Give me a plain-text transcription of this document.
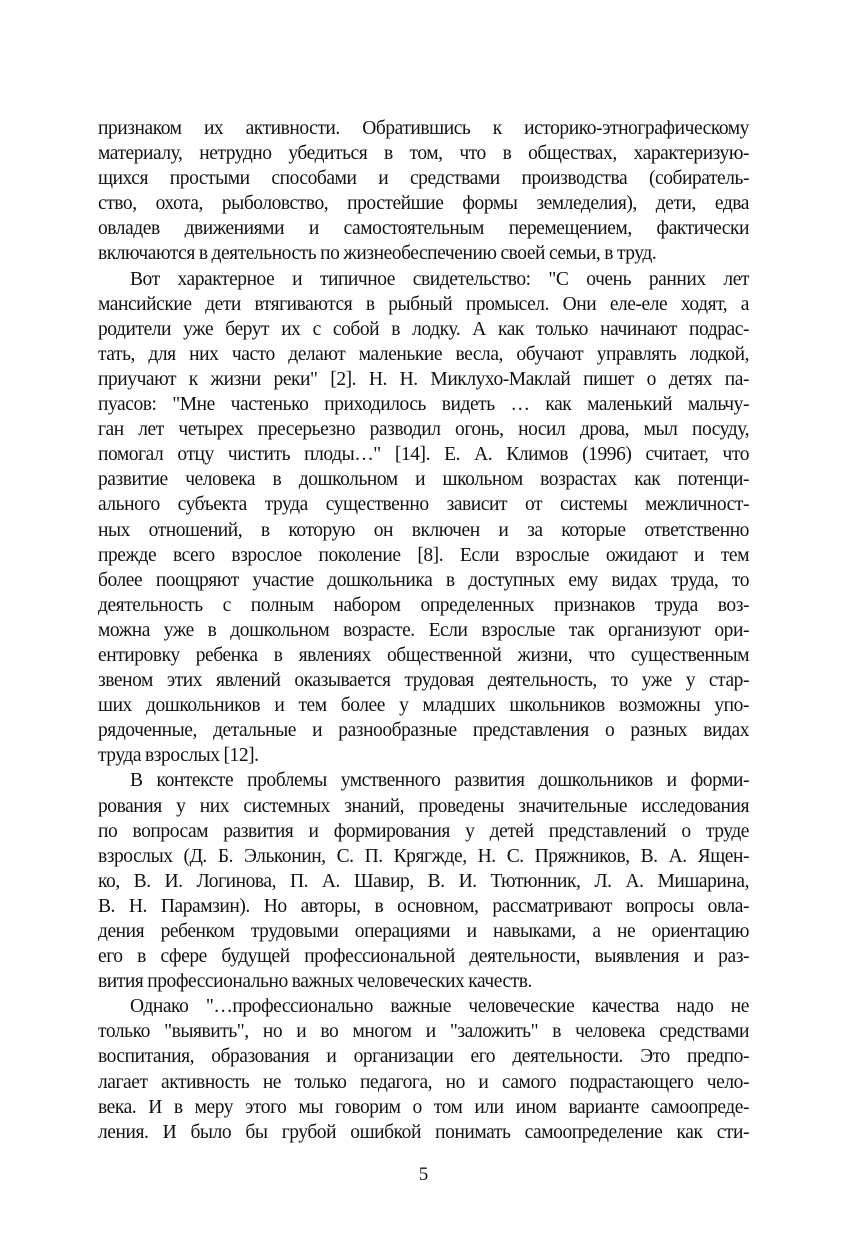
признаком их активности. Обратившись к историко-этнографическому
материалу, нетрудно убедиться в том, что в обществах, характеризую-
щихся простыми способами и средствами производства (собиратель-
ство, охота, рыболовство, простейшие формы земледелия), дети, едва
овладев движениями и самостоятельным перемещением, фактически
включаются в деятельность по жизнеобеспечению своей семьи, в труд.
Вот характерное и типичное свидетельство: "С очень ранних лет
мансийские дети втягиваются в рыбный промысел. Они еле-еле ходят, а
родители уже берут их с собой в лодку. А как только начинают подрас-
тать, для них часто делают маленькие весла, обучают управлять лодкой,
приучают к жизни реки" [2]. Н. Н. Миклухо-Маклай пишет о детях па-
пуасов: "Мне частенько приходилось видеть … как маленький мальчу-
ган лет четырех пресерьезно разводил огонь, носил дрова, мыл посуду,
помогал отцу чистить плоды…" [14]. Е. А. Климов (1996) считает, что
развитие человека в дошкольном и школьном возрастах как потенци-
ального субъекта труда существенно зависит от системы межличност-
ных отношений, в которую он включен и за которые ответственно
прежде всего взрослое поколение [8]. Если взрослые ожидают и тем
более поощряют участие дошкольника в доступных ему видах труда, то
деятельность с полным набором определенных признаков труда воз-
можна уже в дошкольном возрасте. Если взрослые так организуют ори-
ентировку ребенка в явлениях общественной жизни, что существенным
звеном этих явлений оказывается трудовая деятельность, то уже у стар-
ших дошкольников и тем более у младших школьников возможны упо-
рядоченные, детальные и разнообразные представления о разных видах
труда взрослых [12].
В контексте проблемы умственного развития дошкольников и форми-
рования у них системных знаний, проведены значительные исследования
по вопросам развития и формирования у детей представлений о труде
взрослых (Д. Б. Эльконин, С. П. Крягжде, Н. С. Пряжников, В. А. Ящен-
ко, В. И. Логинова, П. А. Шавир, В. И. Тютюнник, Л. А. Мишарина,
В. Н. Парамзин). Но авторы, в основном, рассматривают вопросы овла-
дения ребенком трудовыми операциями и навыками, а не ориентацию
его в сфере будущей профессиональной деятельности, выявления и раз-
вития профессионально важных человеческих качеств.
Однако "…профессионально важные человеческие качества надо не
только "выявить", но и во многом и "заложить" в человека средствами
воспитания, образования и организации его деятельности. Это предпо-
лагает активность не только педагога, но и самого подрастающего чело-
века. И в меру этого мы говорим о том или ином варианте самоопреде-
ления. И было бы грубой ошибкой понимать самоопределение как сти-
5
